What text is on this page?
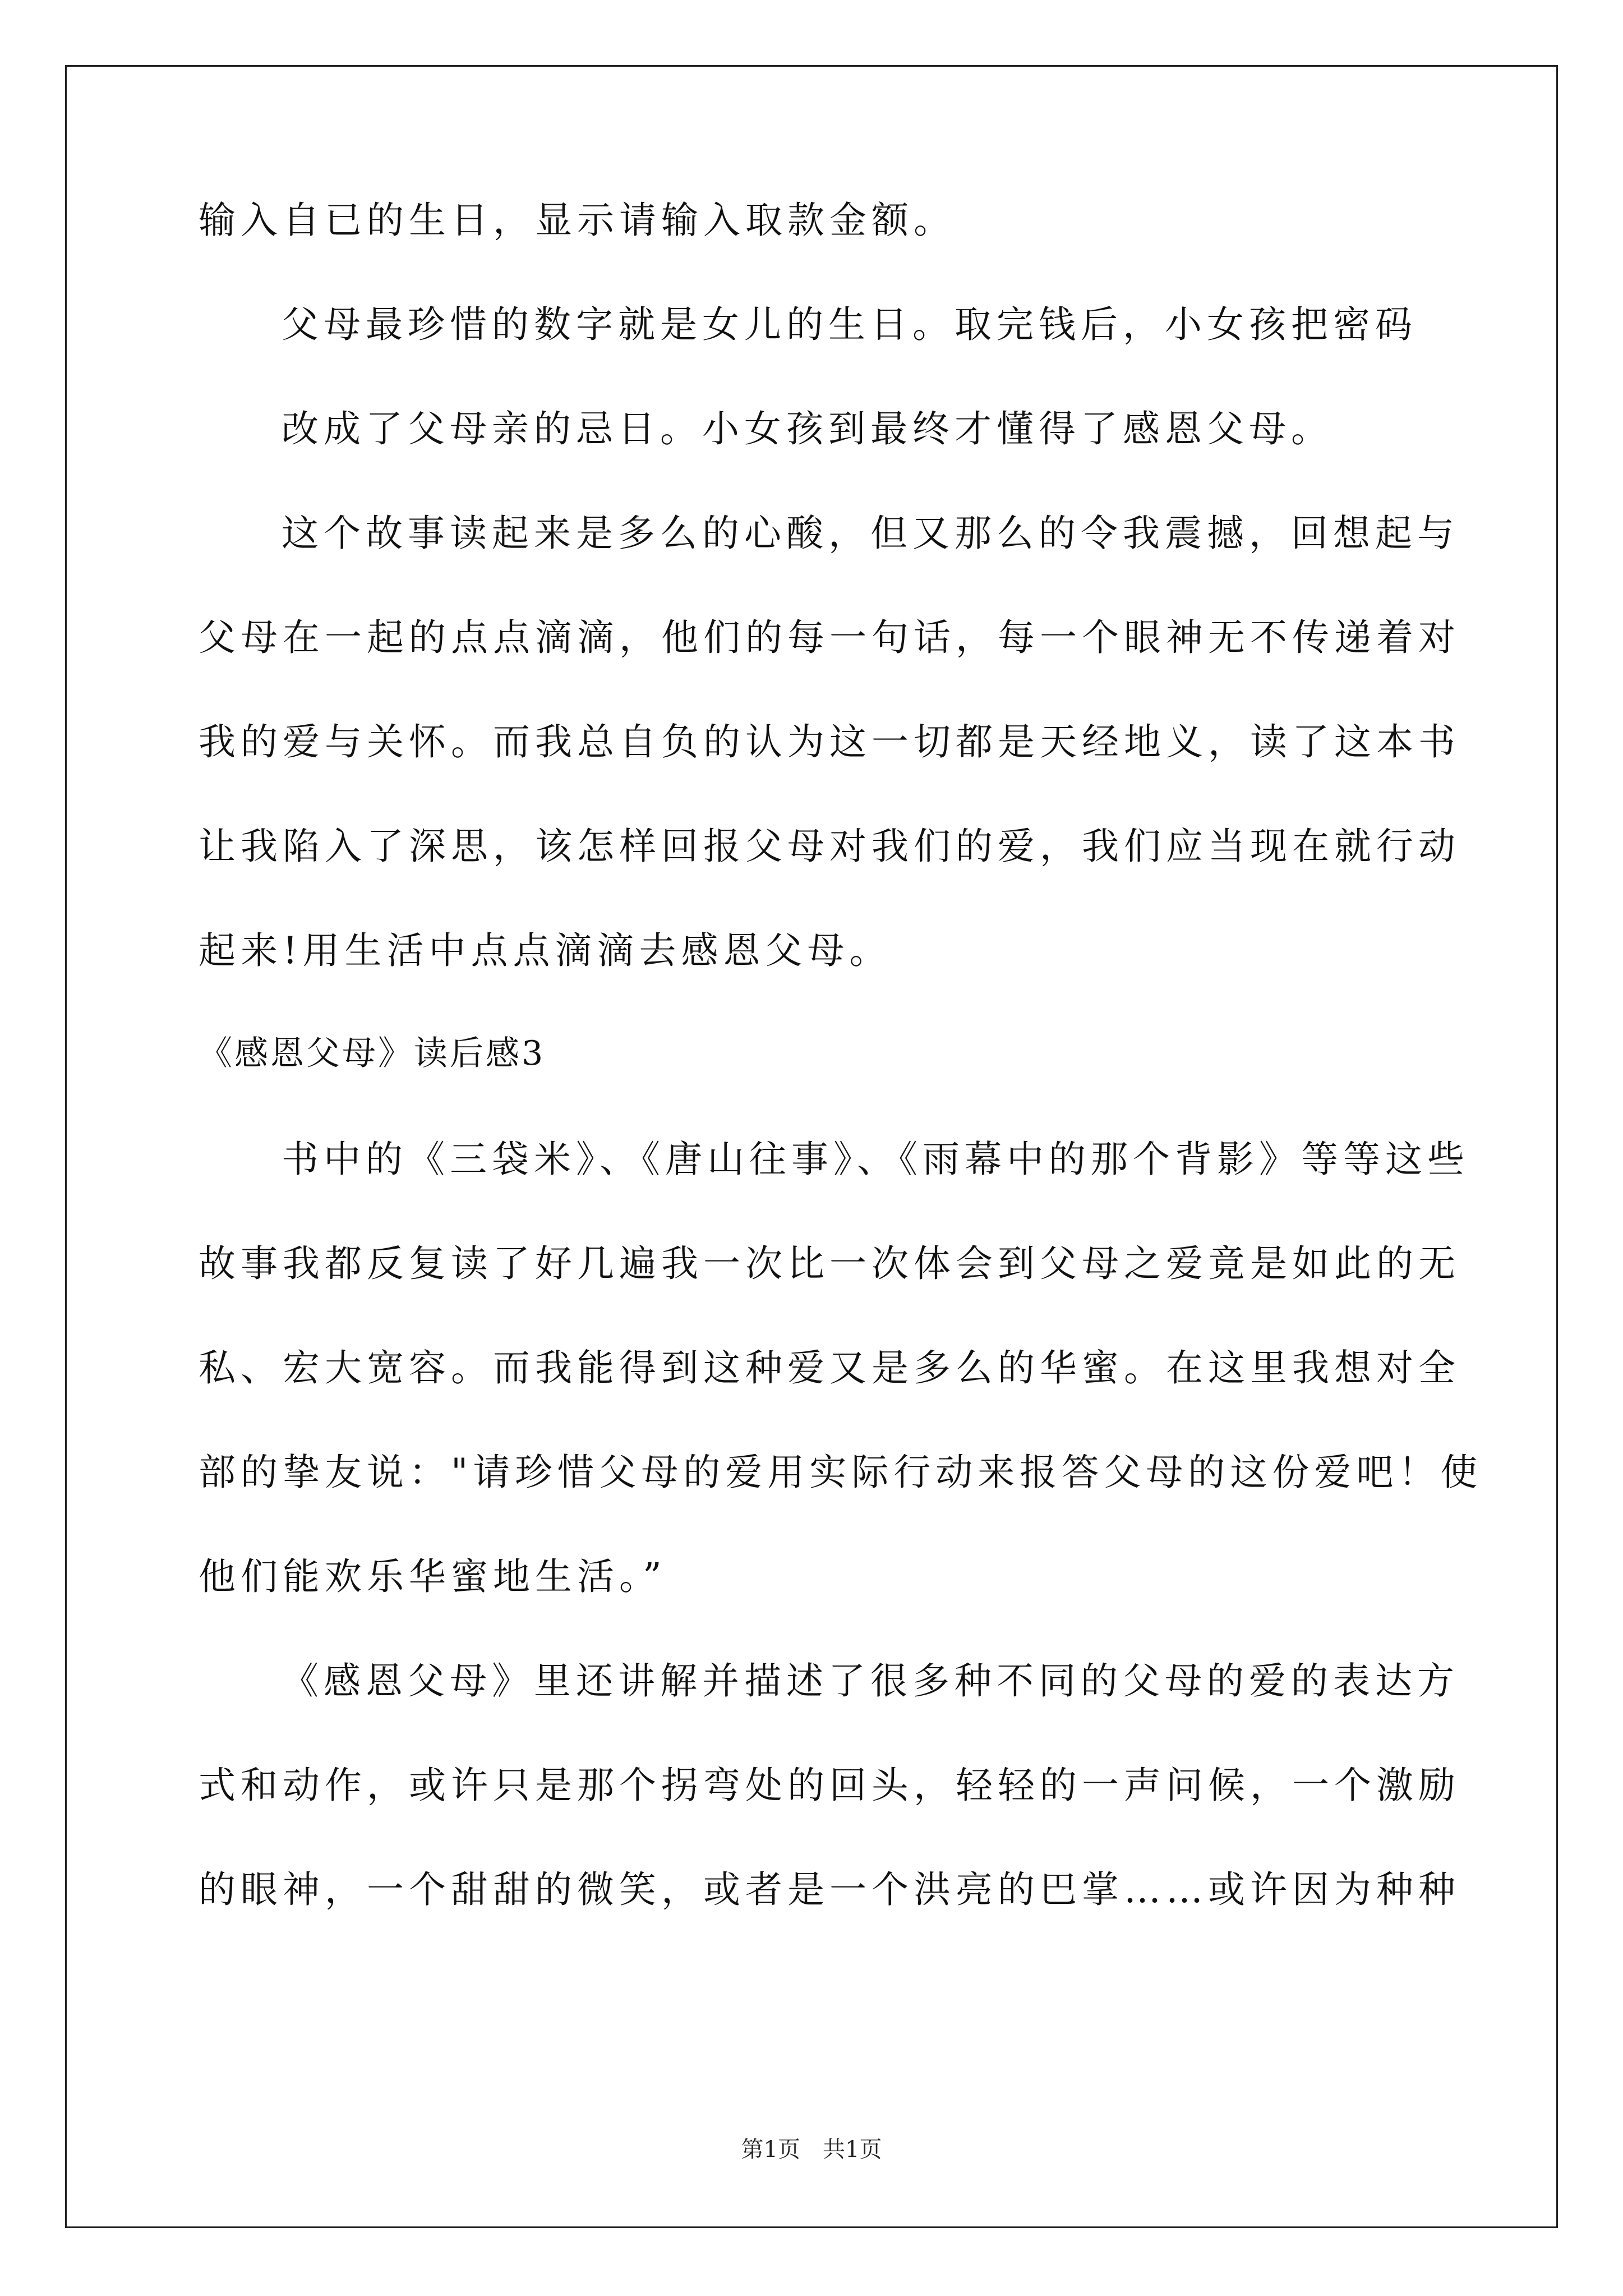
输入自已的生日，显示请输入取款金额。
父母最珍惜的数字就是女儿的生日。取完钱后，小女孩把密码
改成了父母亲的忌日。小女孩到最终才懂得了感恩父母。
这个故事读起来是多么的心酸，但又那么的令我震撼，回想起与
父母在一起的点点滴滴，他们的每一句话，每一个眼神无不传递着对
我的爱与关怀。而我总自负的认为这一切都是天经地义，读了这本书
让我陷入了深思，该怎样回报父母对我们的爱，我们应当现在就行动
起来!用生活中点点滴滴去感恩父母。
《感恩父母》读后感3
书中的《三袋米》、《唐山往事》、《雨幕中的那个背影》等等这些
故事我都反复读了好几遍我一次比一次体会到父母之爱竟是如此的无
私、宏大宽容。而我能得到这种爱又是多么的华蜜。在这里我想对全
部的挚友说："请珍惜父母的爱用实际行动来报答父母的这份爱吧！使
他们能欢乐华蜜地生活。”
《感恩父母》里还讲解并描述了很多种不同的父母的爱的表达方
式和动作，或许只是那个拐弯处的回头，轻轻的一声问候，一个激励
的眼神，一个甜甜的微笑，或者是一个洪亮的巴掌……或许因为种种
第1页　共1页
